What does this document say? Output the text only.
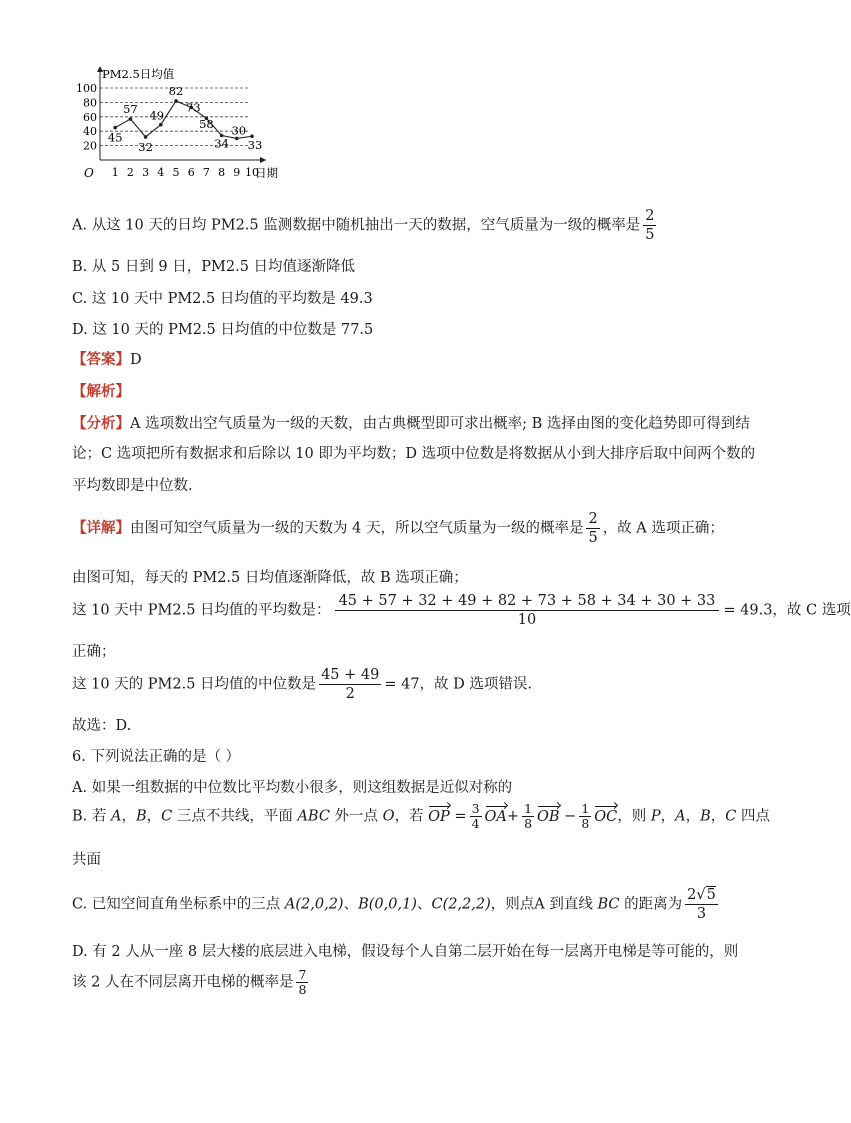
20
40
60
80
100
1 2 3 4 5 6 7 8 9 10
45
57
32
49
82
73
58
34
30
33
PM2.5日均值
日期
O
A. 从这 10 天的日均 PM2.5 监测数据中随机抽出一天的数据，空气质量为一级的概率是 $\frac{2}{5}$
B. 从 5 日到 9 日，PM2.5 日均值逐渐降低
C. 这 10 天中 PM2.5 日均值的平均数是 49.3
D. 这 10 天的 PM2.5 日均值的中位数是 77.5
【答案】D
【解析】
【分析】A 选项数出空气质量为一级的天数，由古典概型即可求出概率; B 选择由图的变化趋势即可得到结
论；C 选项把所有数据求和后除以 10 即为平均数；D 选项中位数是将数据从小到大排序后取中间两个数的
平均数即是中位数.
【详解】由图可知空气质量为一级的天数为 4 天，所以空气质量为一级的概率是 $\frac{2}{5}$ ，故 A 选项正确；
由图可知，每天的 PM2.5 日均值逐渐降低，故 B 选项正确；
这 10 天中 PM2.5 日均值的平均数是： $\frac{45 + 57 + 32 + 49 + 82 + 73 + 58 + 34 + 30 + 33}{10} = 49.3$，故 C 选项
正确；
这 10 天的 PM2.5 日均值的中位数是 $\frac{45 + 49}{2} = 47$，故 D 选项错误.
故选：D.
6. 下列说法正确的是（ ）
A. 如果一组数据的中位数比平均数小很多，则这组数据是近似对称的
B. 若 A，B，C 三点不共线，平面 ABC 外一点 O，若 OP = $\frac{3}{4} OA+ \frac{1}{8}$ OB − $\frac{1}{8}$ OC，则 P，A，B，C 四点
共面
C. 已知空间直角坐标系中的三点 A(2,0,2)、B(0,0,1)、C(2,2,2)，则点A 到直线 BC 的距离为 $\frac{2√5}{3}$
D. 有 2 人从一座 8 层大楼的底层进入电梯，假设每个人自第二层开始在每一层离开电梯是等可能的，则
该 2 人在不同层离开电梯的概率是 $\frac{7}{8}$
